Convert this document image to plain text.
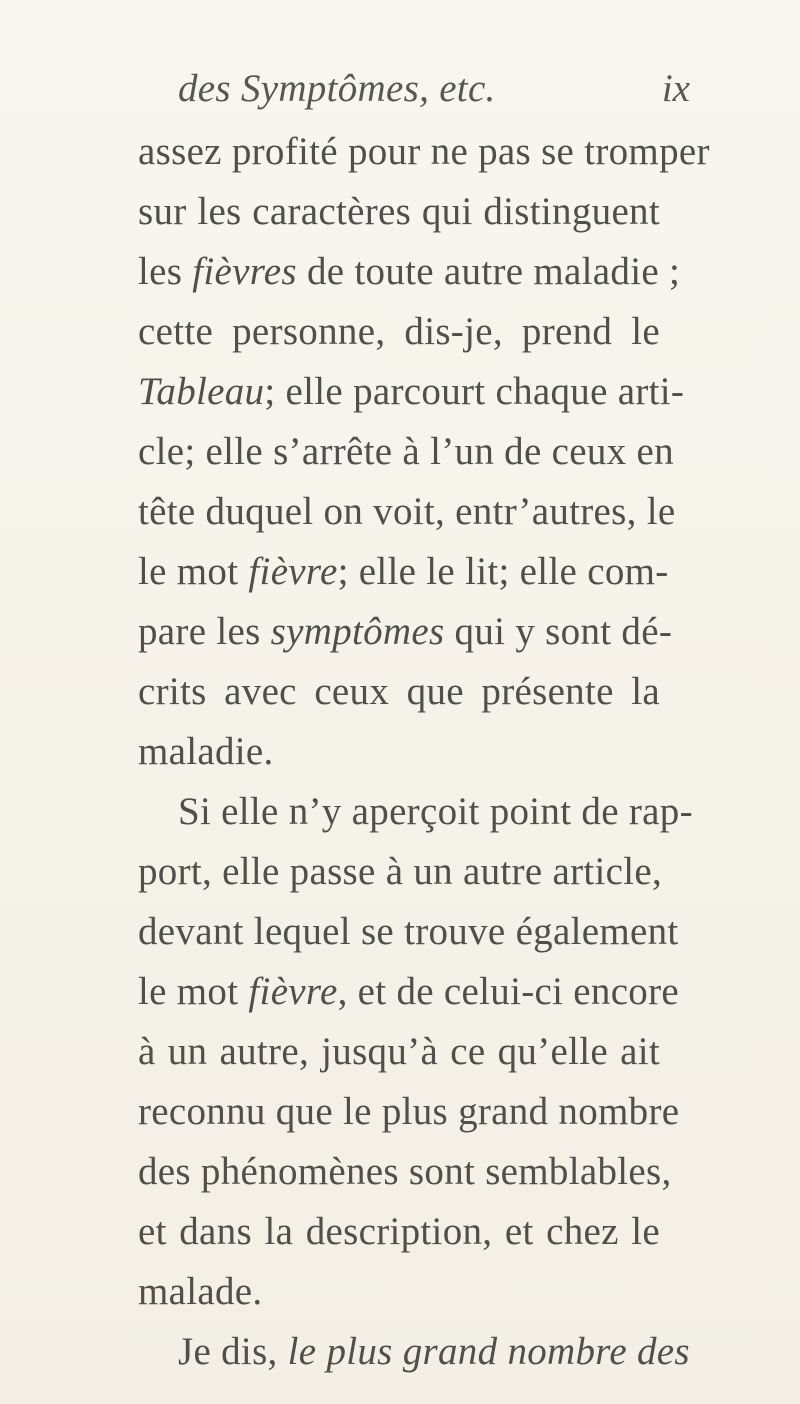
des Symptômes, etc.	ix
assez profité pour ne pas se tromper
sur les caractères qui distinguent
les fièvres de toute autre maladie ;
cette personne, dis-je, prend le
Tableau; elle parcourt chaque arti-
cle; elle s’arrête à l’un de ceux en
tête duquel on voit, entr’autres, le
le mot fièvre; elle le lit; elle com-
pare les symptômes qui y sont dé-
crits avec ceux que présente la
maladie.
Si elle n’y aperçoit point de rap-
port, elle passe à un autre article,
devant lequel se trouve également
le mot fièvre, et de celui-ci encore
à un autre, jusqu’à ce qu’elle ait
reconnu que le plus grand nombre
des phénomènes sont semblables,
et dans la description, et chez le
malade.
Je dis, le plus grand nombre des
